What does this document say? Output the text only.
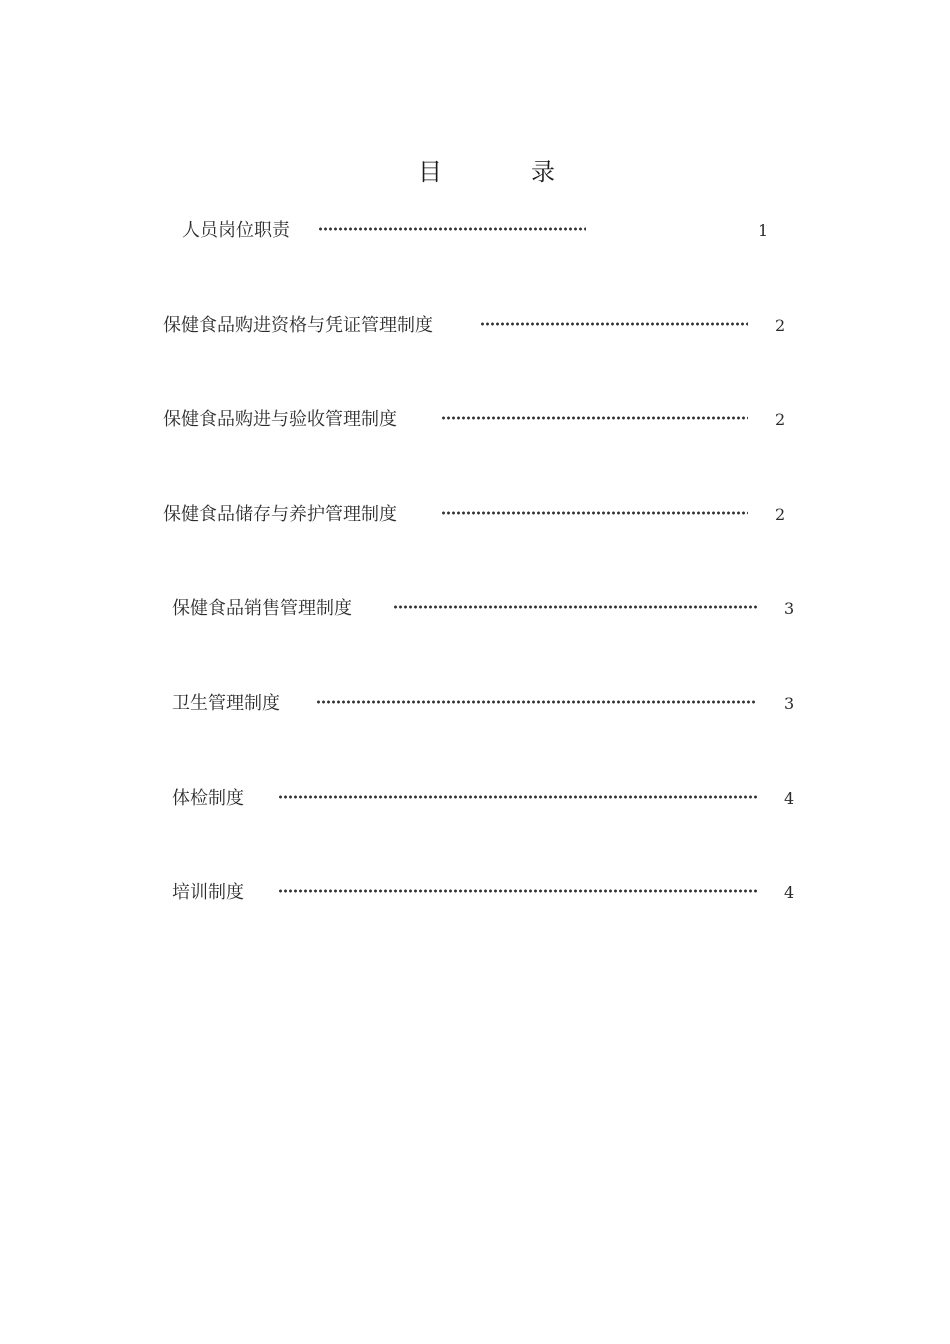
目	录
人员岗位职责	1
保健食品购进资格与凭证管理制度	2
保健食品购进与验收管理制度	2
保健食品储存与养护管理制度	2
保健食品销售管理制度	3
卫生管理制度	3
体检制度	4
培训制度	4
